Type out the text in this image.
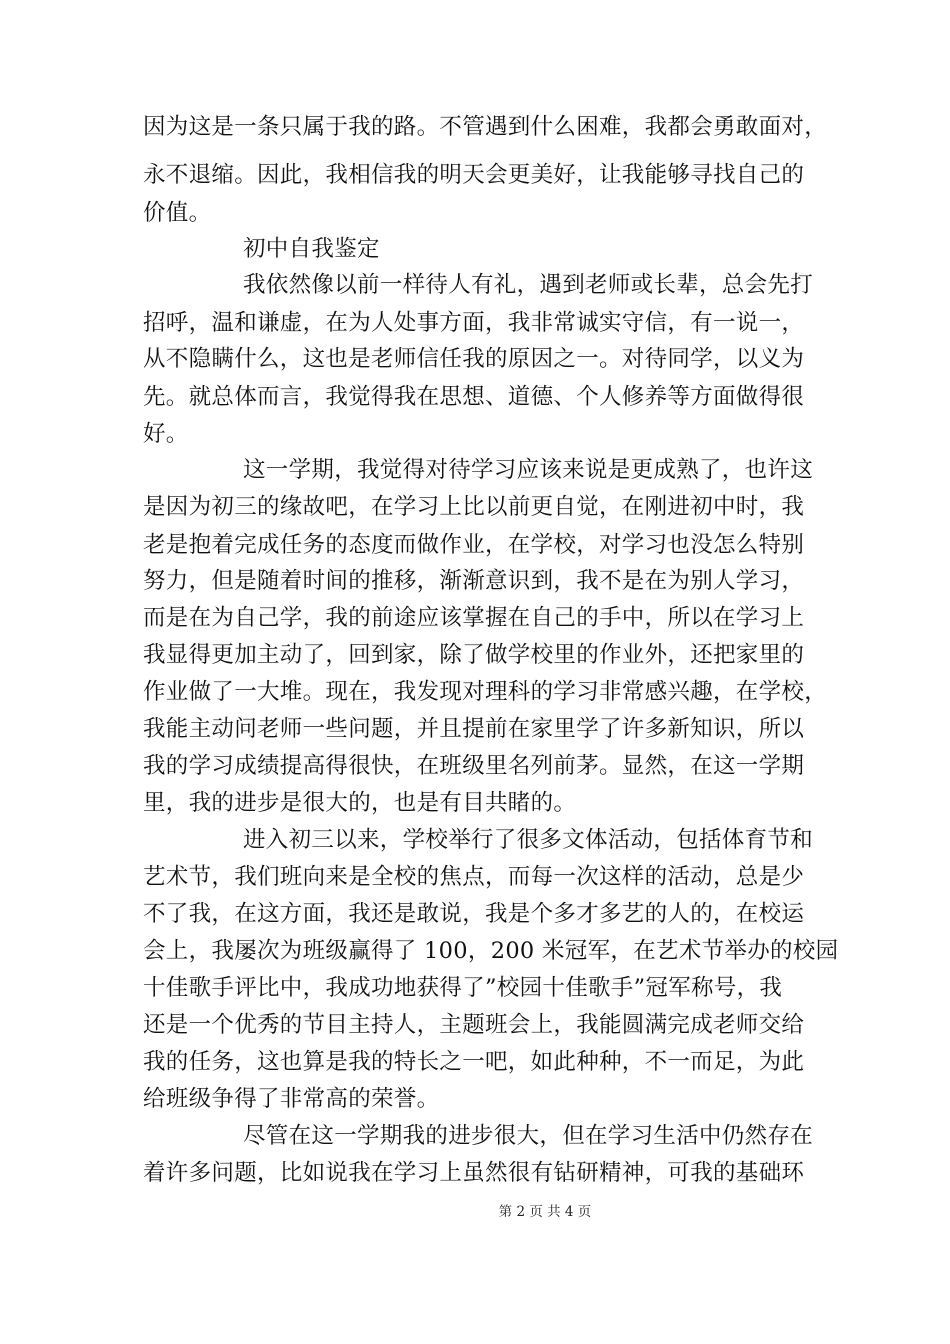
因为这是一条只属于我的路。不管遇到什么困难，我都会勇敢面对，
永不退缩。因此，我相信我的明天会更美好，让我能够寻找自己的
价值。
初中自我鉴定
我依然像以前一样待人有礼，遇到老师或长辈，总会先打
招呼，温和谦虚，在为人处事方面，我非常诚实守信，有一说一，
从不隐瞒什么，这也是老师信任我的原因之一。对待同学，以义为
先。就总体而言，我觉得我在思想、道德、个人修养等方面做得很
好。
这一学期，我觉得对待学习应该来说是更成熟了，也许这
是因为初三的缘故吧，在学习上比以前更自觉，在刚进初中时，我
老是抱着完成任务的态度而做作业，在学校，对学习也没怎么特别
努力，但是随着时间的推移，渐渐意识到，我不是在为别人学习，
而是在为自己学，我的前途应该掌握在自己的手中，所以在学习上
我显得更加主动了，回到家，除了做学校里的作业外，还把家里的
作业做了一大堆。现在，我发现对理科的学习非常感兴趣，在学校，
我能主动问老师一些问题，并且提前在家里学了许多新知识，所以
我的学习成绩提高得很快，在班级里名列前茅。显然，在这一学期
里，我的进步是很大的，也是有目共睹的。
进入初三以来，学校举行了很多文体活动，包括体育节和
艺术节，我们班向来是全校的焦点，而每一次这样的活动，总是少
不了我，在这方面，我还是敢说，我是个多才多艺的人的，在校运
会上，我屡次为班级赢得了 100，200 米冠军，在艺术节举办的校园
十佳歌手评比中，我成功地获得了”校园十佳歌手”冠军称号，我
还是一个优秀的节目主持人，主题班会上，我能圆满完成老师交给
我的任务，这也算是我的特长之一吧，如此种种，不一而足，为此
给班级争得了非常高的荣誉。
尽管在这一学期我的进步很大，但在学习生活中仍然存在
着许多问题，比如说我在学习上虽然很有钻研精神，可我的基础环
第 2 页 共 4 页
